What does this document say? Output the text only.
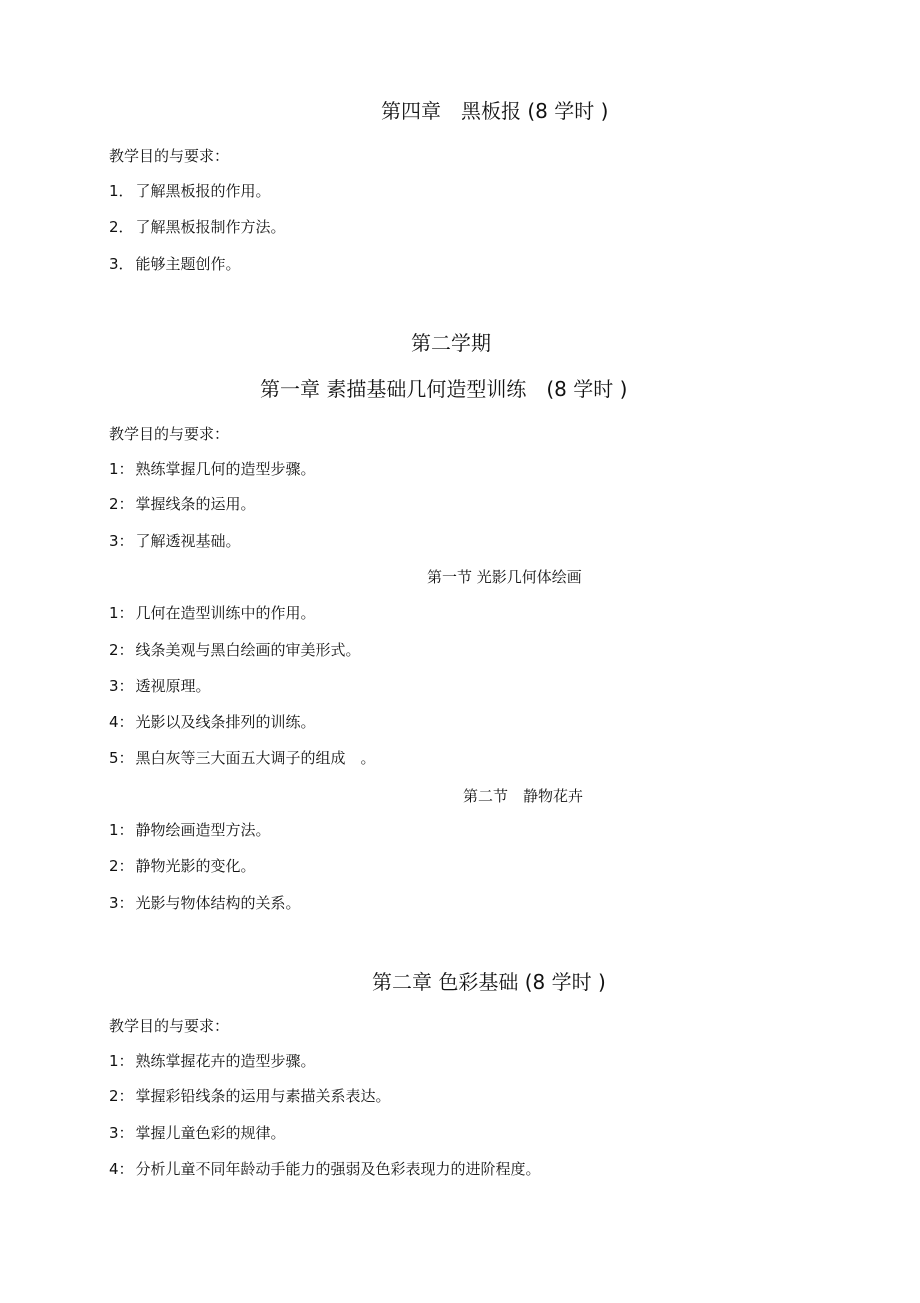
第四章　黑板报 (8 学时 )
教学目的与要求：
1． 了解黑板报的作用。
2． 了解黑板报制作方法。
3． 能够主题创作。
第二学期
第一章 素描基础几何造型训练　(8 学时 )
教学目的与要求：
1： 熟练掌握几何的造型步骤。
2： 掌握线条的运用。
3： 了解透视基础。
第一节 光影几何体绘画
1： 几何在造型训练中的作用。
2： 线条美观与黑白绘画的审美形式。
3： 透视原理。
4： 光影以及线条排列的训练。
5： 黑白灰等三大面五大调子的组成　。
第二节　静物花卉
1： 静物绘画造型方法。
2： 静物光影的变化。
3： 光影与物体结构的关系。
第二章 色彩基础 (8 学时 )
教学目的与要求：
1： 熟练掌握花卉的造型步骤。
2： 掌握彩铅线条的运用与素描关系表达。
3： 掌握儿童色彩的规律。
4： 分析儿童不同年龄动手能力的强弱及色彩表现力的进阶程度。
